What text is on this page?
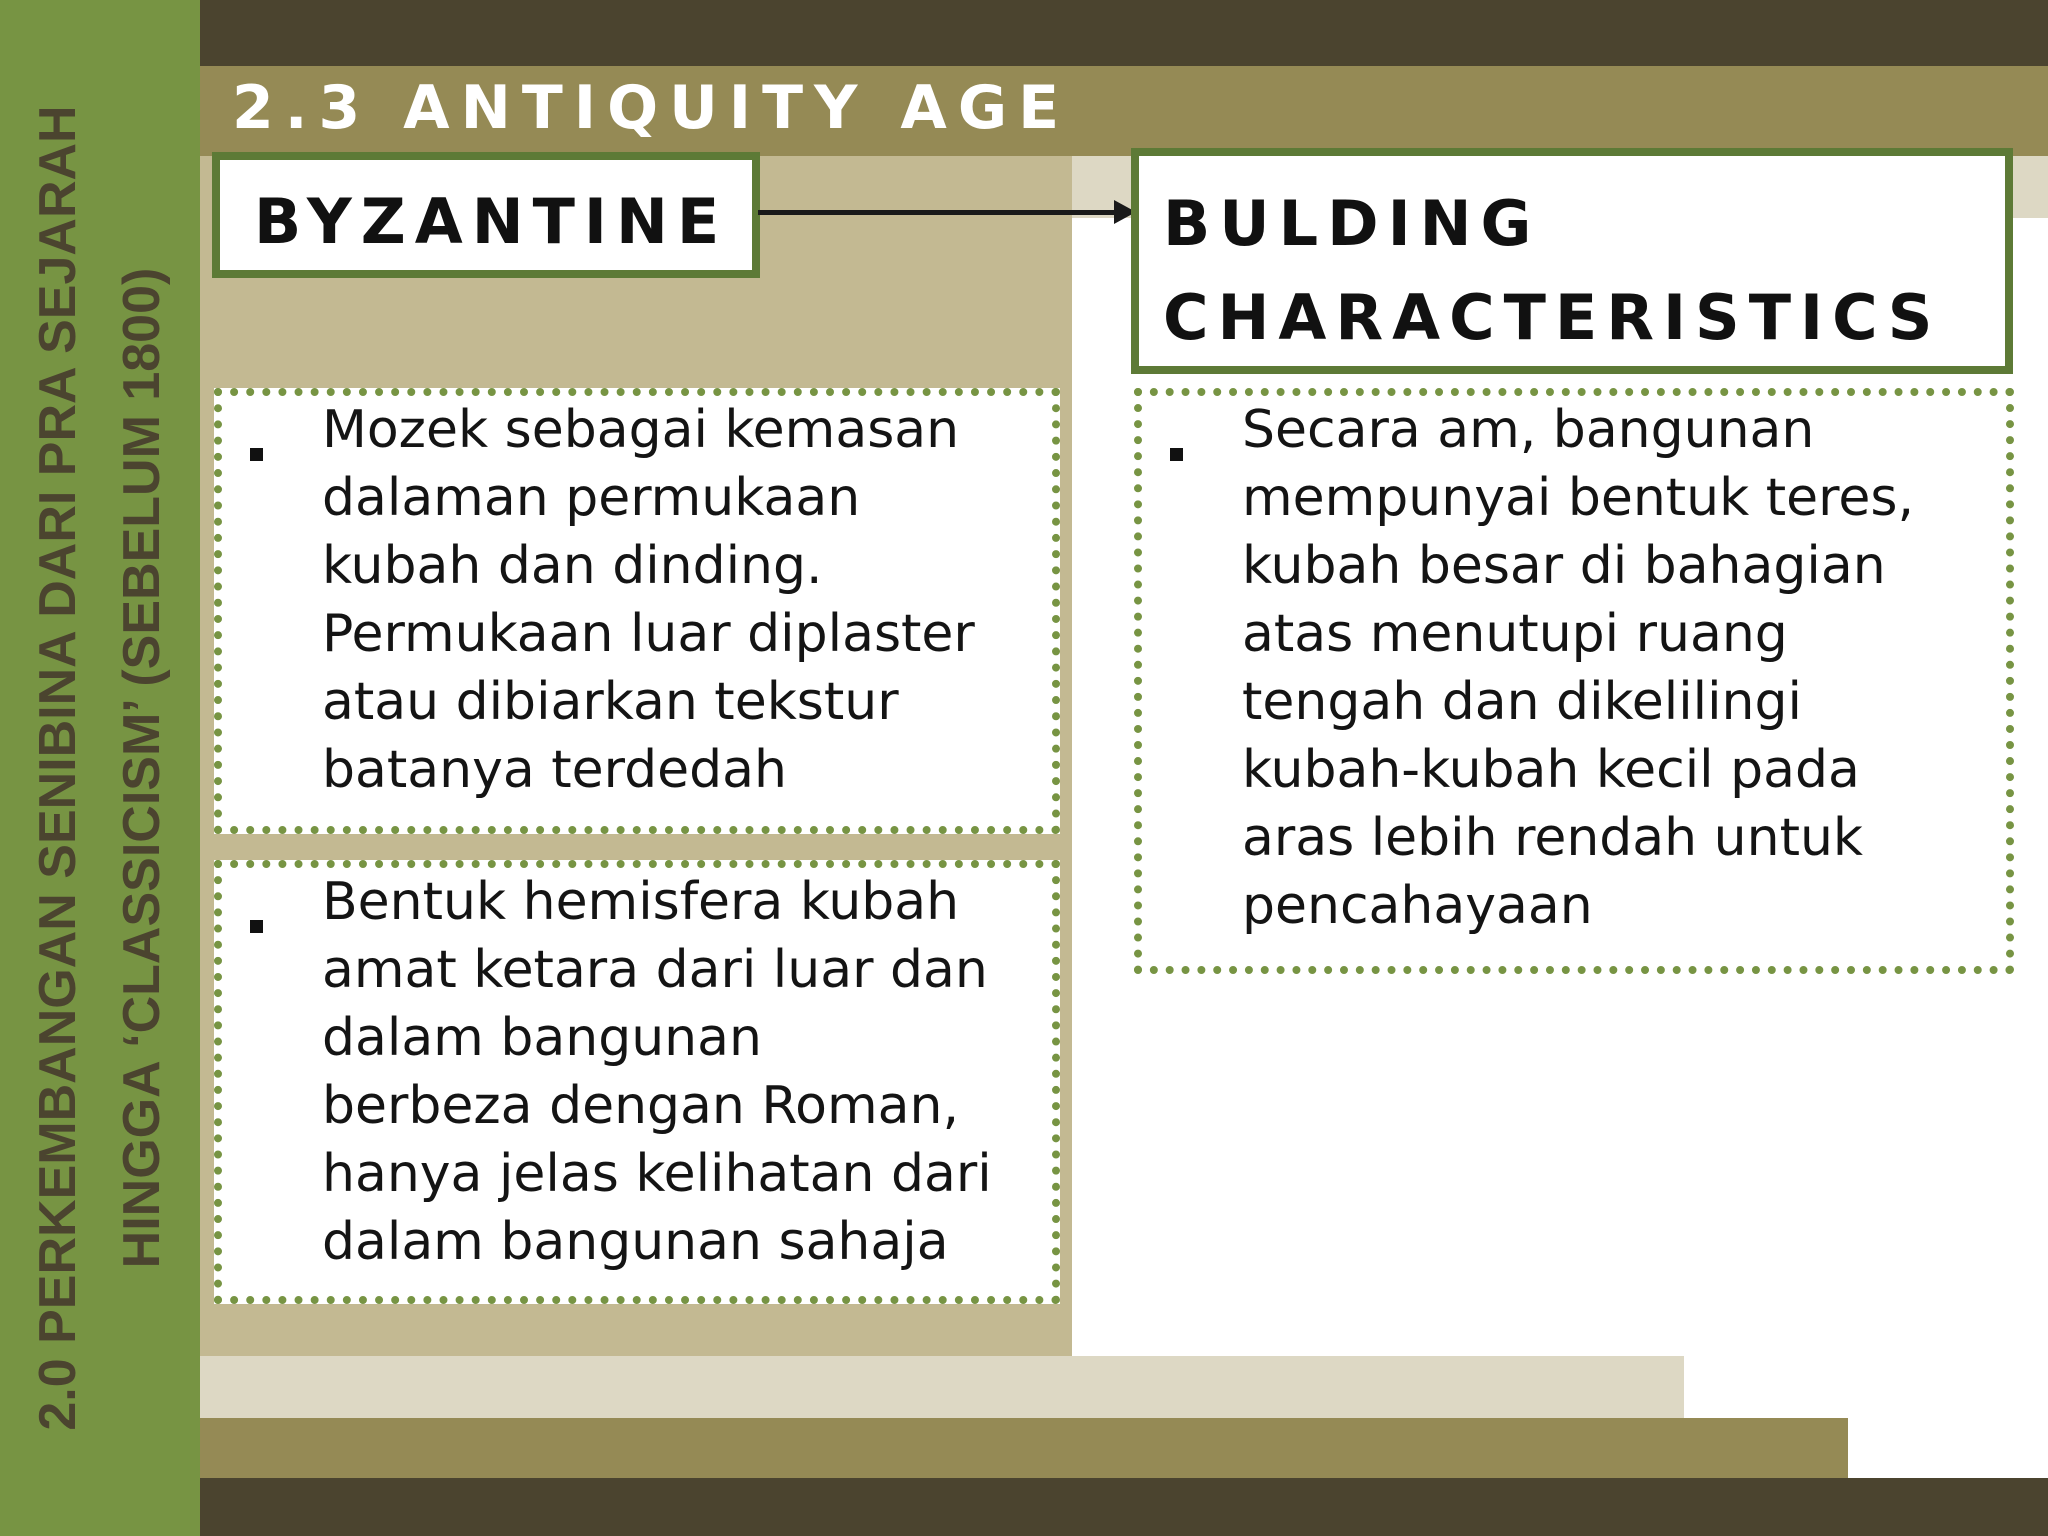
2.0 PERKEMBANGAN SENIBINA DARI PRA SEJARAH HINGGA ‘CLASSICISM’ (SEBELUM 1800)
2.3 ANTIQUITY AGE
BYZANTINE	BULDING
CHARACTERISTICS
Mozek sebagai kemasan
dalaman permukaan
kubah dan dinding.
Permukaan luar diplaster
atau dibiarkan tekstur
batanya terdedah
Bentuk hemisfera kubah
amat ketara dari luar dan
dalam bangunan
berbeza dengan Roman,
hanya jelas kelihatan dari
dalam bangunan sahaja
Secara am, bangunan
mempunyai bentuk teres,
kubah besar di bahagian
atas menutupi ruang
tengah dan dikelilingi
kubah-kubah kecil pada
aras lebih rendah untuk
pencahayaan
